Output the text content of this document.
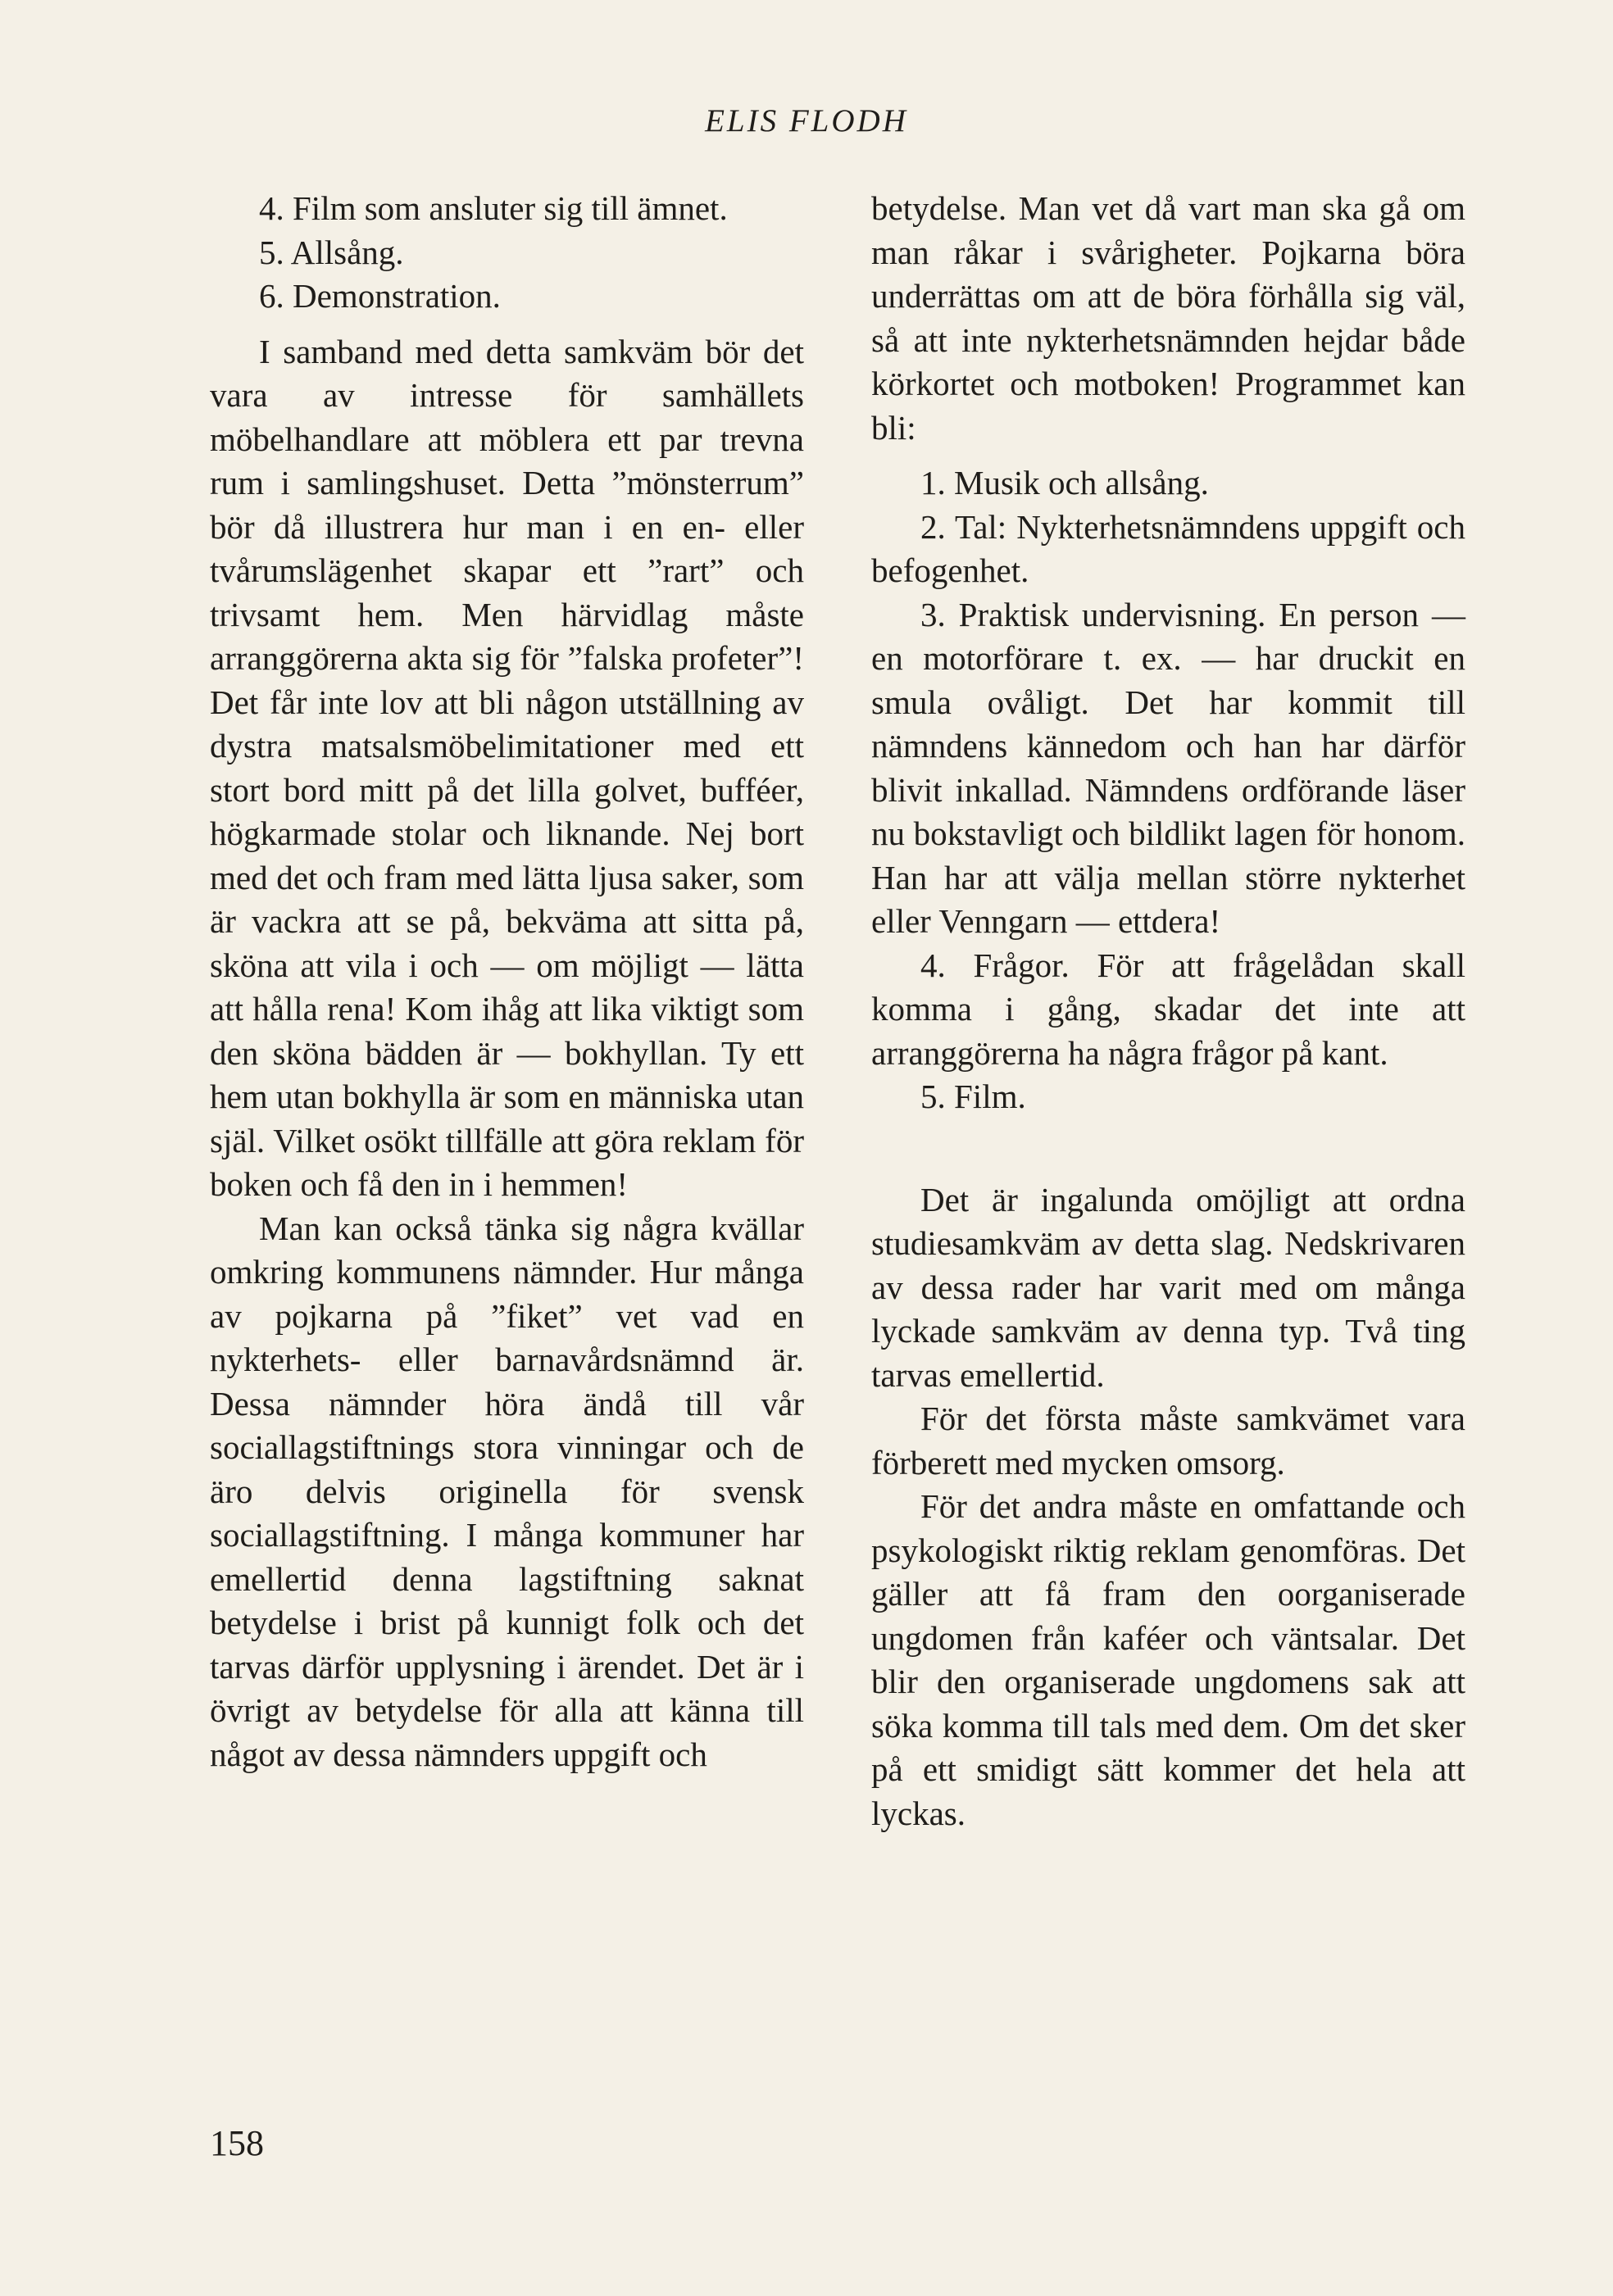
ELIS FLODH

4. Film som ansluter sig till ämnet.

5. Allsång.

6. Demonstration.

I samband med detta samkväm bör det vara av intresse för samhällets möbelhandlare att möblera ett par trevna rum i samlingshuset. Detta ”mönsterrum” bör då illustrera hur man i en en- eller tvårumslägenhet skapar ett ”rart” och trivsamt hem. Men härvidlag måste arranggörerna akta sig för ”falska profeter”! Det får inte lov att bli någon utställning av dystra matsalsmöbelimitationer med ett stort bord mitt på det lilla golvet, bufféer, högkarmade stolar och liknande. Nej bort med det och fram med lätta ljusa saker, som är vackra att se på, bekväma att sitta på, sköna att vila i och — om möjligt — lätta att hålla rena! Kom ihåg att lika viktigt som den sköna bädden är — bokhyllan. Ty ett hem utan bokhylla är som en människa utan själ. Vilket osökt tillfälle att göra reklam för boken och få den in i hemmen!

Man kan också tänka sig några kvällar omkring kommunens nämnder. Hur många av pojkarna på ”fiket” vet vad en nykterhets- eller barnavårdsnämnd är. Dessa nämnder höra ändå till vår sociallagstiftnings stora vinningar och de äro delvis originella för svensk sociallagstiftning. I många kommuner har emellertid denna lagstiftning saknat betydelse i brist på kunnigt folk och det tarvas därför upplysning i ärendet. Det är i övrigt av betydelse för alla att känna till något av dessa nämnders uppgift och

betydelse. Man vet då vart man ska gå om man råkar i svårigheter. Pojkarna böra underrättas om att de böra förhålla sig väl, så att inte nykterhetsnämnden hejdar både körkortet och motboken! Programmet kan bli:

1. Musik och allsång.

2. Tal: Nykterhetsnämndens uppgift och befogenhet.

3. Praktisk undervisning. En person — en motorförare t. ex. — har druckit en smula ovåligt. Det har kommit till nämndens kännedom och han har därför blivit inkallad. Nämndens ordförande läser nu bokstavligt och bildlikt lagen för honom. Han har att välja mellan större nykterhet eller Venngarn — ettdera!

4. Frågor. För att frågelådan skall komma i gång, skadar det inte att arranggörerna ha några frågor på kant.

5. Film.

Det är ingalunda omöjligt att ordna studiesamkväm av detta slag. Nedskrivaren av dessa rader har varit med om många lyckade samkväm av denna typ. Två ting tarvas emellertid.

För det första måste samkvämet vara förberett med mycken omsorg.

För det andra måste en omfattande och psykologiskt riktig reklam genomföras. Det gäller att få fram den oorganiserade ungdomen från kaféer och väntsalar. Det blir den organiserade ungdomens sak att söka komma till tals med dem. Om det sker på ett smidigt sätt kommer det hela att lyckas.

158
